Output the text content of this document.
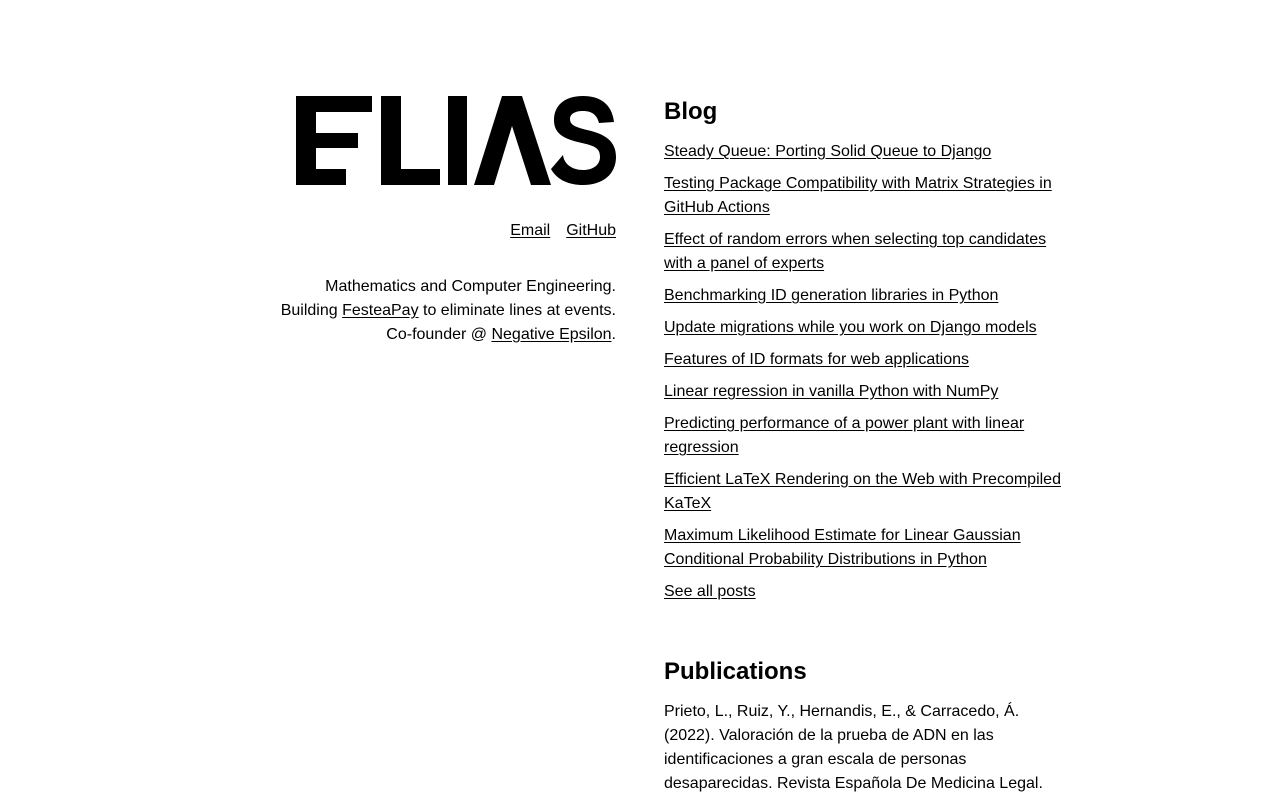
Email GitHub
Mathematics and Computer Engineering.
Building FesteaPay to eliminate lines at events.
Co-founder @ Negative Epsilon.
Blog
Steady Queue: Porting Solid Queue to Django
Testing Package Compatibility with Matrix Strategies in GitHub Actions
Effect of random errors when selecting top candidates with a panel of experts
Benchmarking ID generation libraries in Python
Update migrations while you work on Django models
Features of ID formats for web applications
Linear regression in vanilla Python with NumPy
Predicting performance of a power plant with linear regression
Efficient LaTeX Rendering on the Web with Precompiled KaTeX
Maximum Likelihood Estimate for Linear Gaussian Conditional Probability Distributions in Python
See all posts
Publications
Prieto, L., Ruiz, Y., Hernandis, E., & Carracedo, Á. (2022). Valoración de la prueba de ADN en las identificaciones a gran escala de personas desaparecidas. Revista Española De Medicina Legal.
